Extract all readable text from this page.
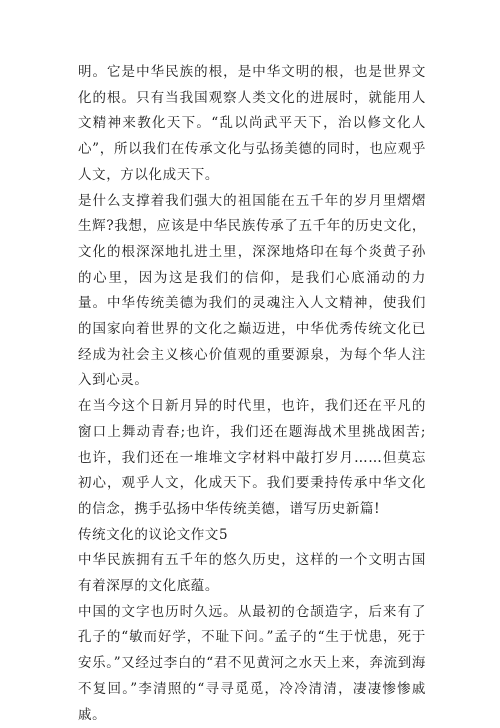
明。它是中华民族的根，是中华文明的根，也是世界文化的根。只有当我国观察人类文化的进展时，就能用人文精神来教化天下。“乱以尚武平天下，治以修文化人心”，所以我们在传承文化与弘扬美德的同时，也应观乎人文，方以化成天下。

是什么支撑着我们强大的祖国能在五千年的岁月里熠熠生辉?我想，应该是中华民族传承了五千年的历史文化，文化的根深深地扎进土里，深深地烙印在每个炎黄子孙的心里，因为这是我们的信仰，是我们心底涌动的力量。中华传统美德为我们的灵魂注入人文精神，使我们的国家向着世界的文化之巅迈进，中华优秀传统文化已经成为社会主义核心价值观的重要源泉，为每个华人注入到心灵。

在当今这个日新月异的时代里，也许，我们还在平凡的窗口上舞动青春;也许，我们还在题海战术里挑战困苦;也许，我们还在一堆堆文字材料中敲打岁月……但莫忘初心，观乎人文，化成天下。我们要秉持传承中华文化的信念，携手弘扬中华传统美德，谱写历史新篇!

传统文化的议论文作文5

中华民族拥有五千年的悠久历史，这样的一个文明古国有着深厚的文化底蕴。

中国的文字也历时久远。从最初的仓颉造字，后来有了孔子的“敏而好学，不耻下问。”孟子的“生于忧患，死于安乐。”又经过李白的“君不见黄河之水天上来，奔流到海不复回。”李清照的“寻寻觅觅，冷冷清清，凄凄惨惨戚戚。
